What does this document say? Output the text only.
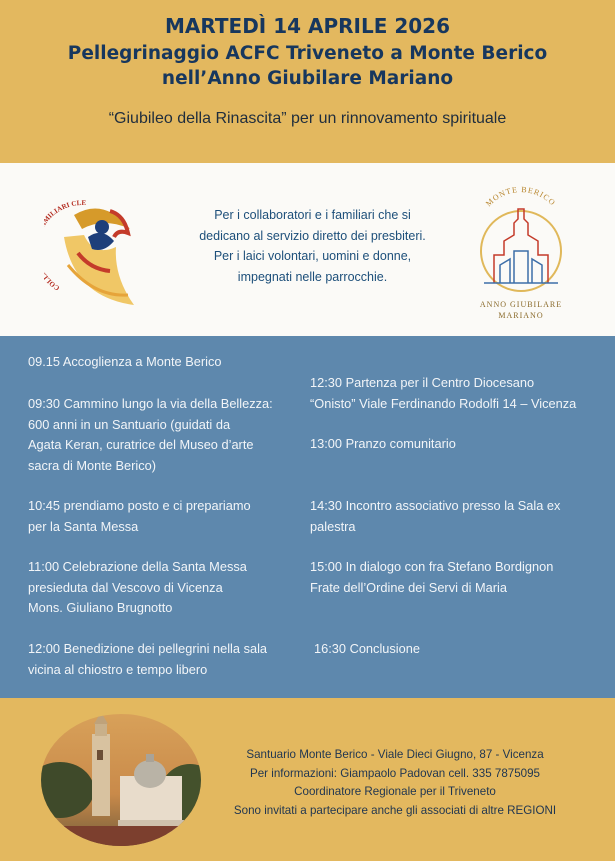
MARTEDÌ 14 APRILE 2026
Pellegrinaggio ACFC Triveneto a Monte Berico
nell’Anno Giubilare Mariano
“Giubileo della Rinascita” per un rinnovamento spirituale
COL ILIARI CLE
Per i collaboratori e i familiari che si
dedicano al servizio diretto dei presbiteri.
Per i laici volontari, uomini e donne,
impegnati nelle parrocchie.
MONTE BERICO
ANNO GIUBILARE
MARIANO
09.15 Accoglienza a Monte Berico
09:30 Cammino lungo la via della Bellezza:
600 anni in un Santuario (guidati da
Agata Keran, curatrice del Museo d’arte
sacra di Monte Berico)
10:45 prendiamo posto e ci prepariamo
per la Santa Messa
11:00 Celebrazione della Santa Messa
presieduta dal Vescovo di Vicenza
Mons. Giuliano Brugnotto
12:00 Benedizione dei pellegrini nella sala
vicina al chiostro e tempo libero
12:30 Partenza per il Centro Diocesano
“Onisto” Viale Ferdinando Rodolfi 14 – Vicenza
13:00 Pranzo comunitario
14:30 Incontro associativo presso la Sala ex
palestra
15:00 In dialogo con fra Stefano Bordignon
Frate dell’Ordine dei Servi di Maria
16:30 Conclusione
Santuario Monte Berico - Viale Dieci Giugno, 87 - Vicenza
Per informazioni: Giampaolo Padovan cell. 335 7875095
Coordinatore Regionale per il Triveneto
Sono invitati a partecipare anche gli associati di altre REGIONI
